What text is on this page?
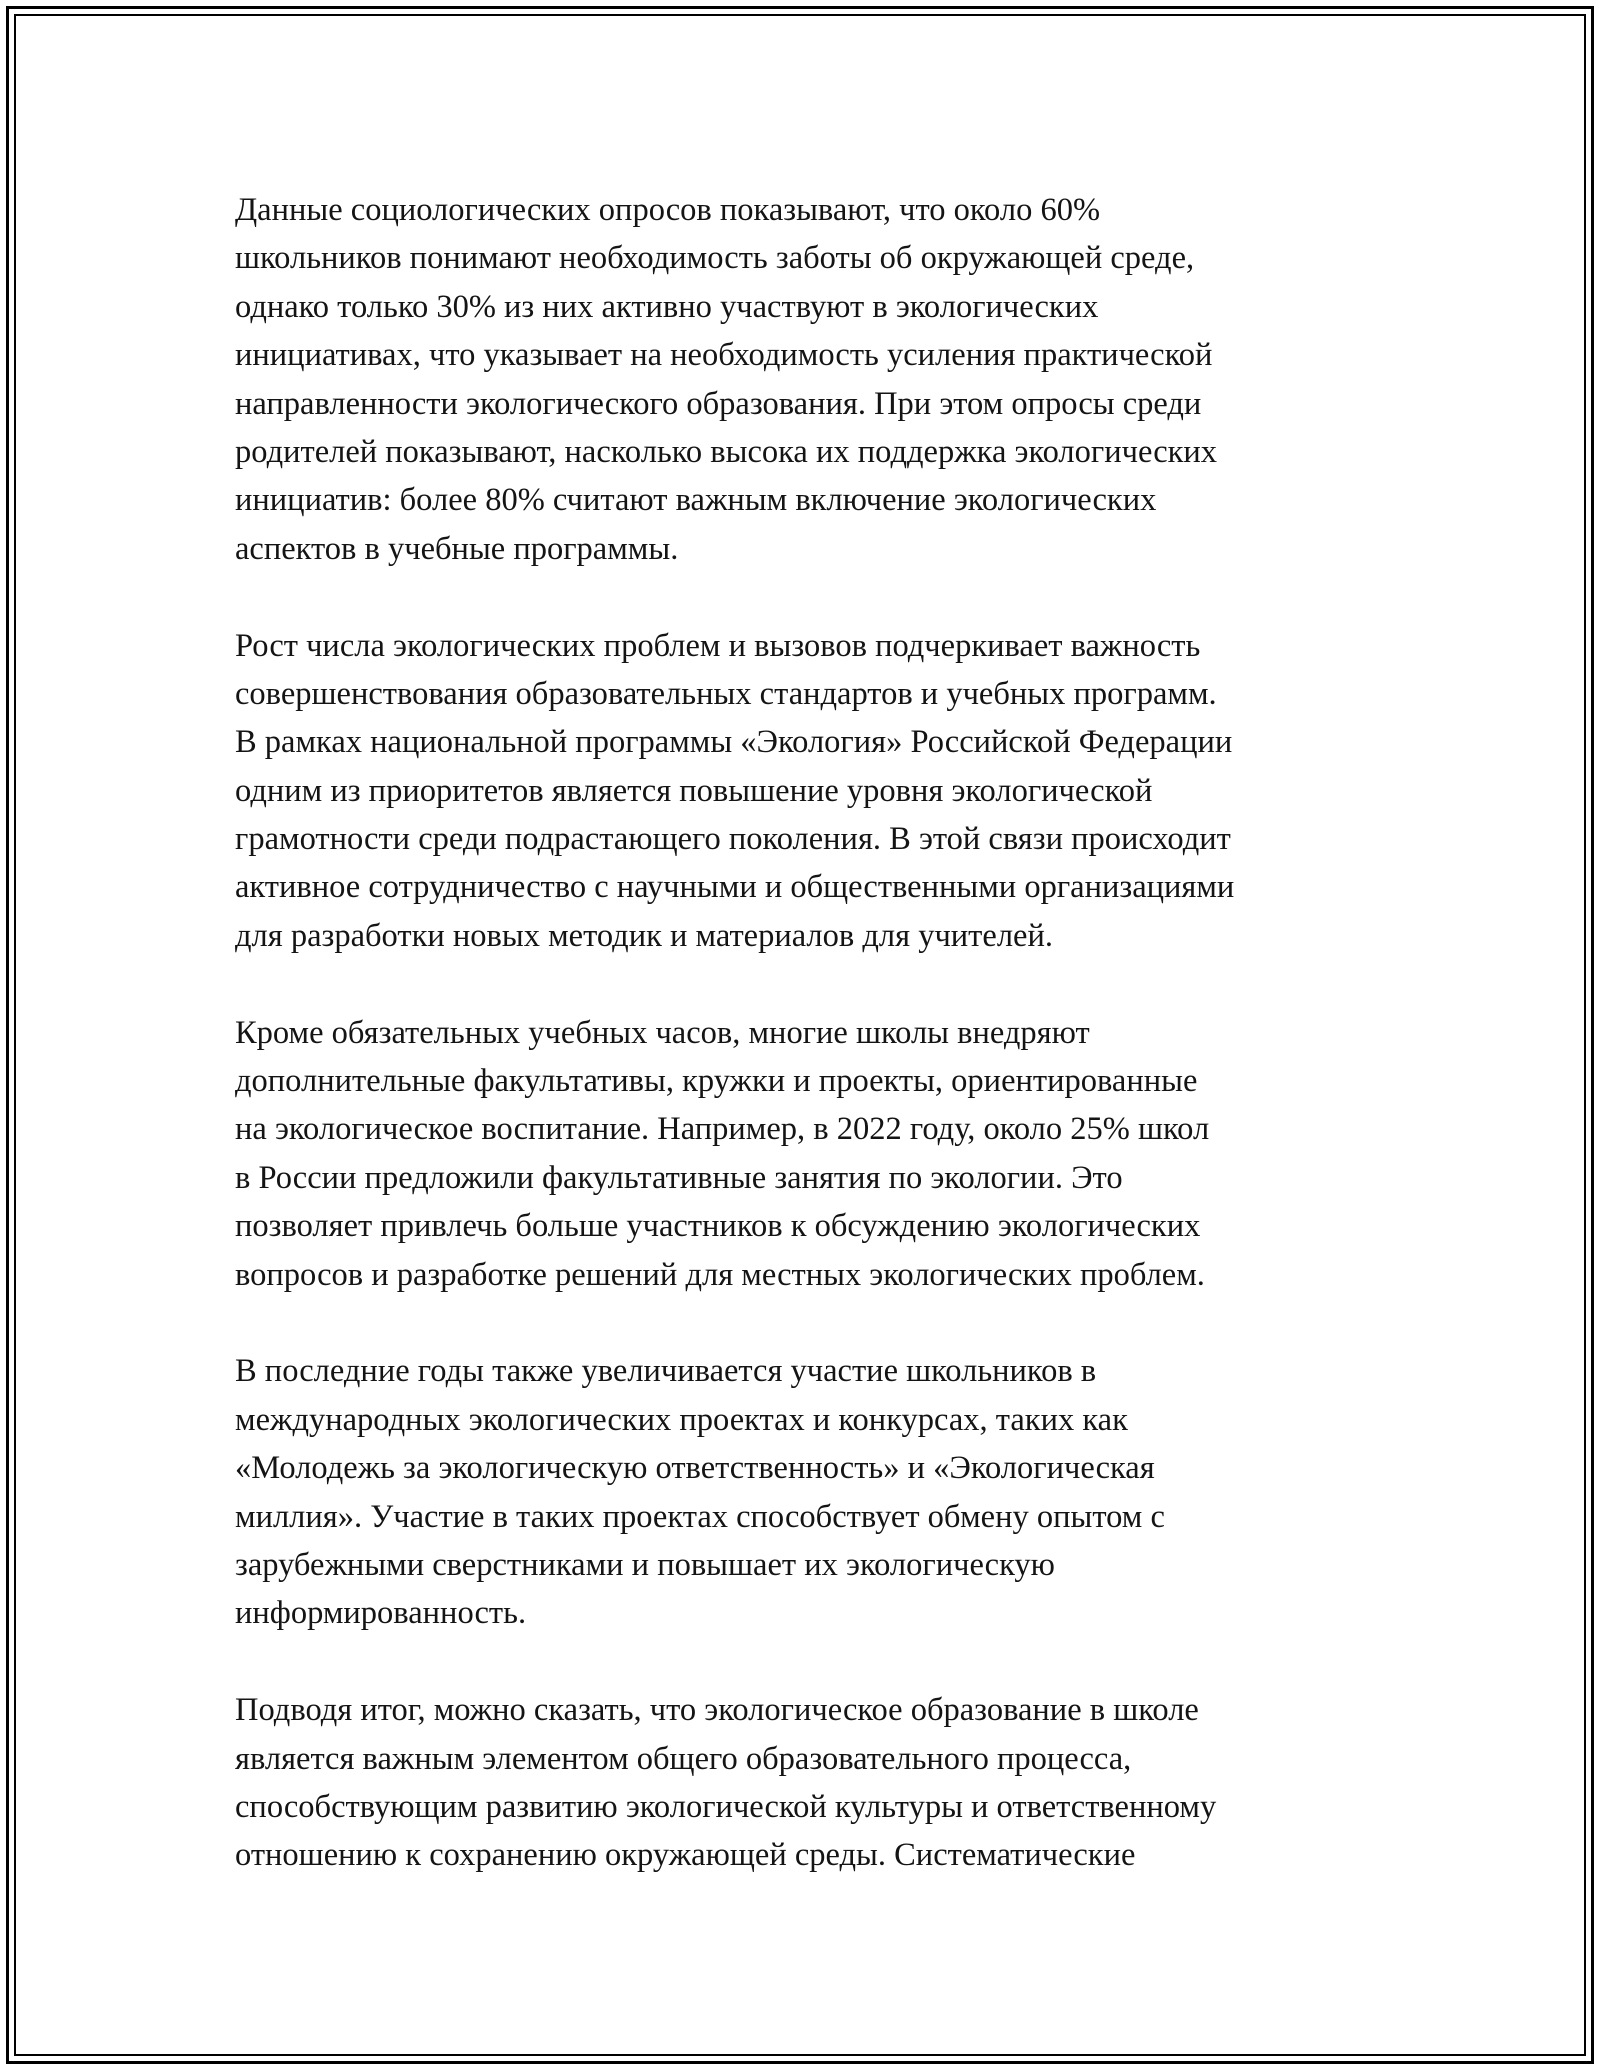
Данные социологических опросов показывают, что около 60%
школьников понимают необходимость заботы об окружающей среде,
однако только 30% из них активно участвуют в экологических
инициативах, что указывает на необходимость усиления практической
направленности экологического образования. При этом опросы среди
родителей показывают, насколько высока их поддержка экологических
инициатив: более 80% считают важным включение экологических
аспектов в учебные программы.

Рост числа экологических проблем и вызовов подчеркивает важность
совершенствования образовательных стандартов и учебных программ.
В рамках национальной программы «Экология» Российской Федерации
одним из приоритетов является повышение уровня экологической
грамотности среди подрастающего поколения. В этой связи происходит
активное сотрудничество с научными и общественными организациями
для разработки новых методик и материалов для учителей.

Кроме обязательных учебных часов, многие школы внедряют
дополнительные факультативы, кружки и проекты, ориентированные
на экологическое воспитание. Например, в 2022 году, около 25% школ
в России предложили факультативные занятия по экологии. Это
позволяет привлечь больше участников к обсуждению экологических
вопросов и разработке решений для местных экологических проблем.

В последние годы также увеличивается участие школьников в
международных экологических проектах и конкурсах, таких как
«Молодежь за экологическую ответственность» и «Экологическая
миллия». Участие в таких проектах способствует обмену опытом с
зарубежными сверстниками и повышает их экологическую
информированность.

Подводя итог, можно сказать, что экологическое образование в школе
является важным элементом общего образовательного процесса,
способствующим развитию экологической культуры и ответственному
отношению к сохранению окружающей среды. Систематические
